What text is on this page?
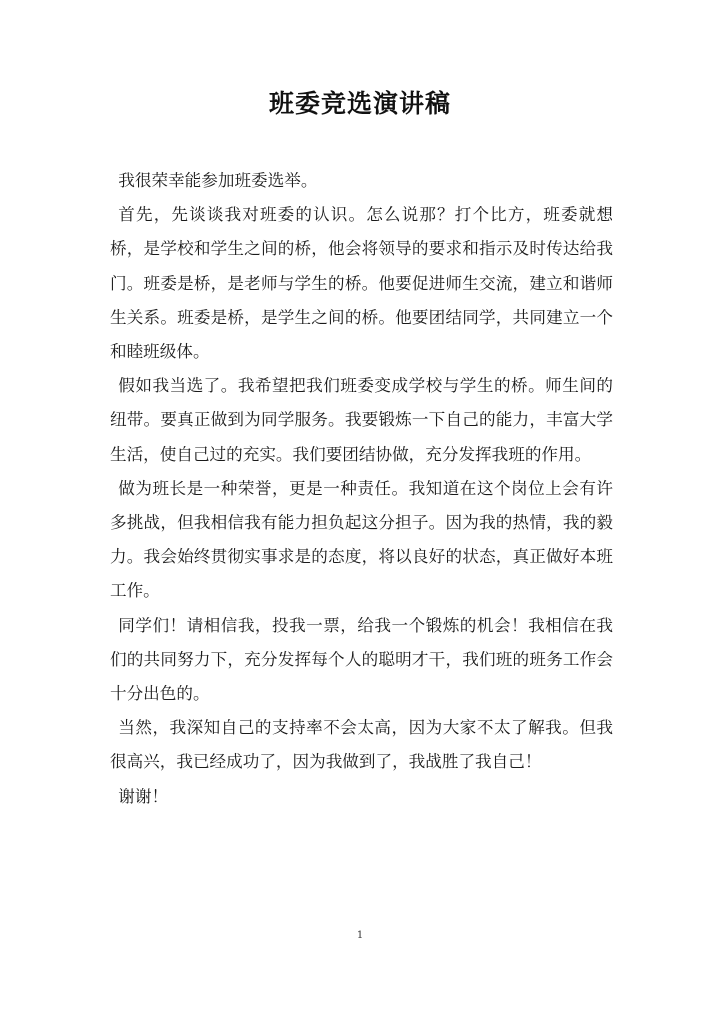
班委竞选演讲稿

我很荣幸能参加班委选举。

首先，先谈谈我对班委的认识。怎么说那？打个比方，班委就想桥，是学校和学生之间的桥，他会将领导的要求和指示及时传达给我门。班委是桥，是老师与学生的桥。他要促进师生交流，建立和谐师生关系。班委是桥，是学生之间的桥。他要团结同学，共同建立一个和睦班级体。

假如我当选了。我希望把我们班委变成学校与学生的桥。师生间的纽带。要真正做到为同学服务。我要锻炼一下自己的能力，丰富大学生活，使自己过的充实。我们要团结协做，充分发挥我班的作用。

做为班长是一种荣誉，更是一种责任。我知道在这个岗位上会有许多挑战，但我相信我有能力担负起这分担子。因为我的热情，我的毅力。我会始终贯彻实事求是的态度，将以良好的状态，真正做好本班工作。

同学们！请相信我，投我一票，给我一个锻炼的机会！我相信在我们的共同努力下，充分发挥每个人的聪明才干，我们班的班务工作会十分出色的。

当然，我深知自己的支持率不会太高，因为大家不太了解我。但我很高兴，我已经成功了，因为我做到了，我战胜了我自己！

谢谢！

1
